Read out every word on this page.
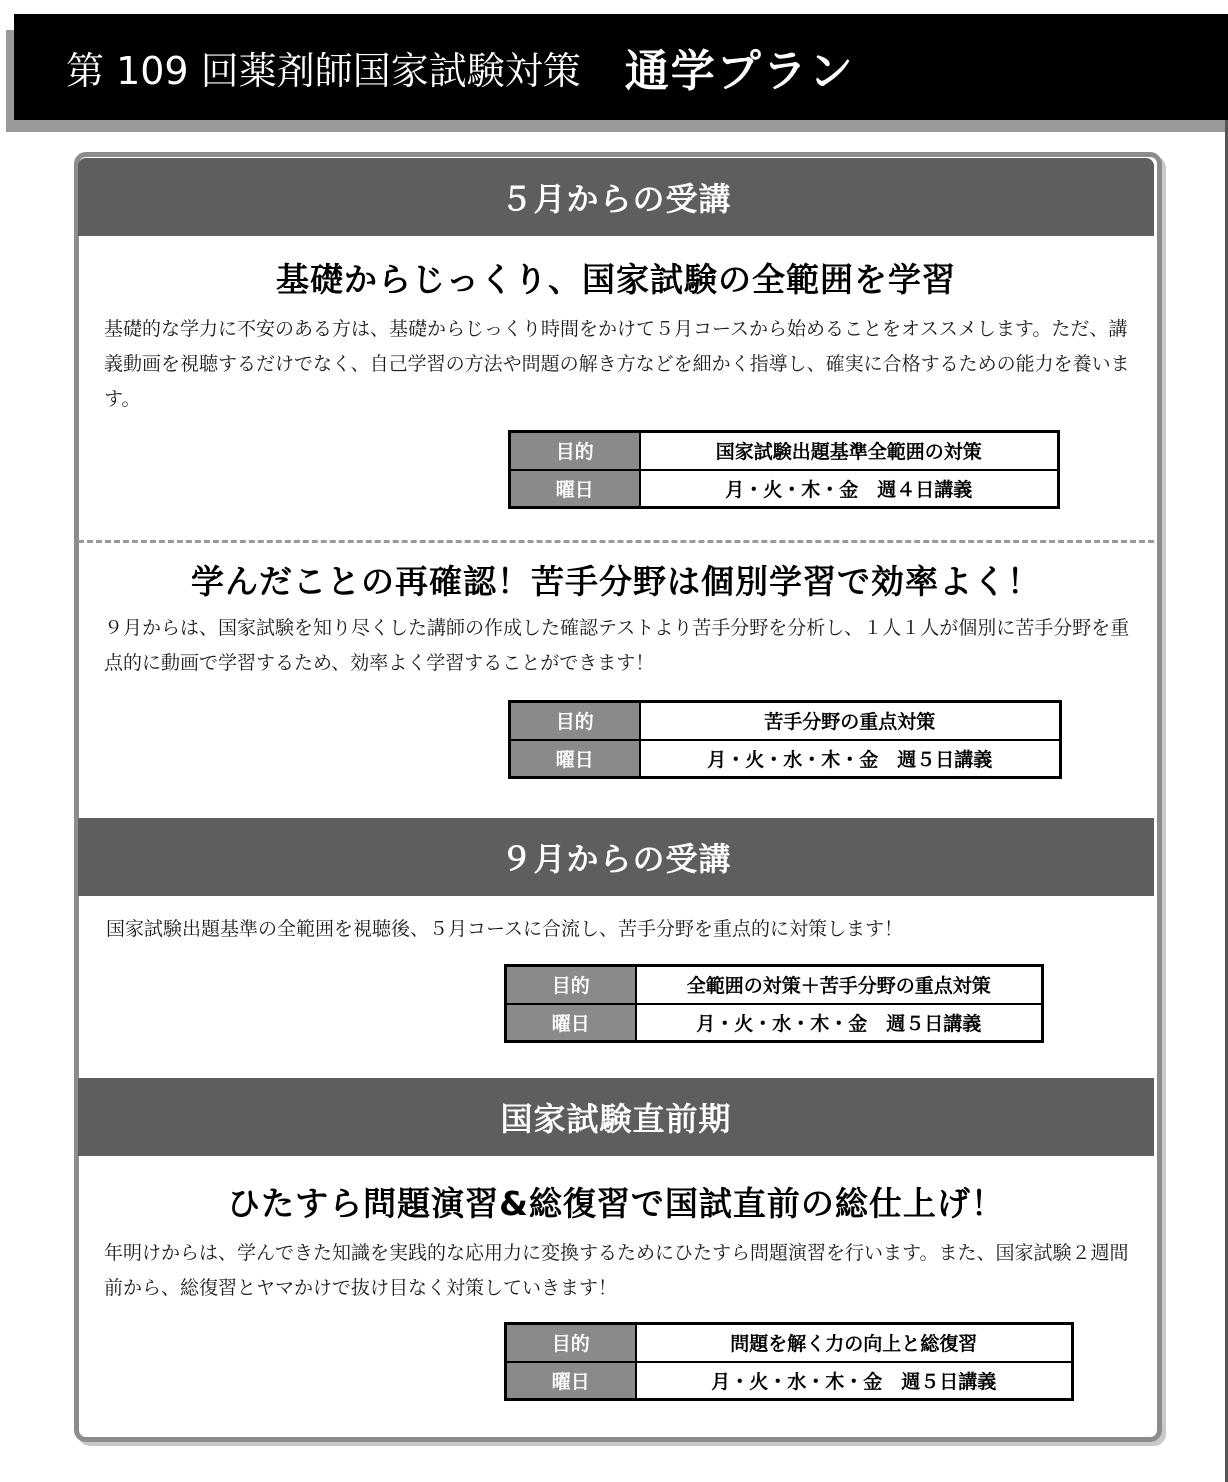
第 109 回薬剤師国家試験対策 通学プラン
５月からの受講
基礎からじっくり、国家試験の全範囲を学習
基礎的な学力に不安のある方は、基礎からじっくり時間をかけて５月コースから始めることをオススメします。ただ、講義動画を視聴するだけでなく、自己学習の方法や問題の解き方などを細かく指導し、確実に合格するための能力を養います。
目的	国家試験出題基準全範囲の対策
曜日	月・火・木・金　週４日講義
学んだことの再確認！苦手分野は個別学習で効率よく！
９月からは、国家試験を知り尽くした講師の作成した確認テストより苦手分野を分析し、１人１人が個別に苦手分野を重点的に動画で学習するため、効率よく学習することができます！
目的	苦手分野の重点対策
曜日	月・火・水・木・金　週５日講義
９月からの受講
国家試験出題基準の全範囲を視聴後、５月コースに合流し、苦手分野を重点的に対策します！
目的	全範囲の対策＋苦手分野の重点対策
曜日	月・火・水・木・金　週５日講義
国家試験直前期
ひたすら問題演習&総復習で国試直前の総仕上げ！
年明けからは、学んできた知識を実践的な応用力に変換するためにひたすら問題演習を行います。また、国家試験２週間前から、総復習とヤマかけで抜け目なく対策していきます！
目的	問題を解く力の向上と総復習
曜日	月・火・水・木・金　週５日講義
